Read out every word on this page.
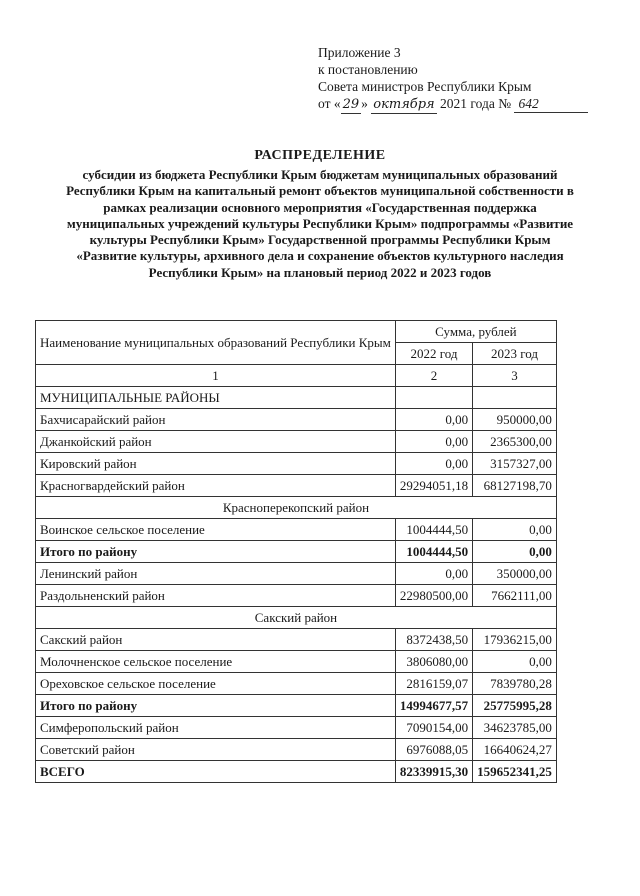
Приложение 3
к постановлению
Совета министров Республики Крым
от « 29 » октября 2021 года № 642
РАСПРЕДЕЛЕНИЕ
субсидии из бюджета Республики Крым бюджетам муниципальных образований Республики Крым на капитальный ремонт объектов муниципальной собственности в рамках реализации основного мероприятия «Государственная поддержка муниципальных учреждений культуры Республики Крым» подпрограммы «Развитие культуры Республики Крым» Государственной программы Республики Крым «Развитие культуры, архивного дела и сохранение объектов культурного наследия Республики Крым» на плановый период 2022 и 2023 годов
Наименование муниципальных образований Республики Крым	Сумма, рублей	
	2022 год	2023 год
1	2	3
МУНИЦИПАЛЬНЫЕ РАЙОНЫ		
Бахчисарайский район	0,00	950000,00
Джанкойский район	0,00	2365300,00
Кировский район	0,00	3157327,00
Красногвардейский район	29294051,18	68127198,70
Красноперекопский район		
Воинское сельское поселение	1004444,50	0,00
Итого по району	1004444,50	0,00
Ленинский район	0,00	350000,00
Раздольненский район	22980500,00	7662111,00
Сакский район		
Сакский район	8372438,50	17936215,00
Молочненское сельское поселение	3806080,00	0,00
Ореховское сельское поселение	2816159,07	7839780,28
Итого по району	14994677,57	25775995,28
Симферопольский район	7090154,00	34623785,00
Советский район	6976088,05	16640624,27
ВСЕГО	82339915,30	159652341,25
